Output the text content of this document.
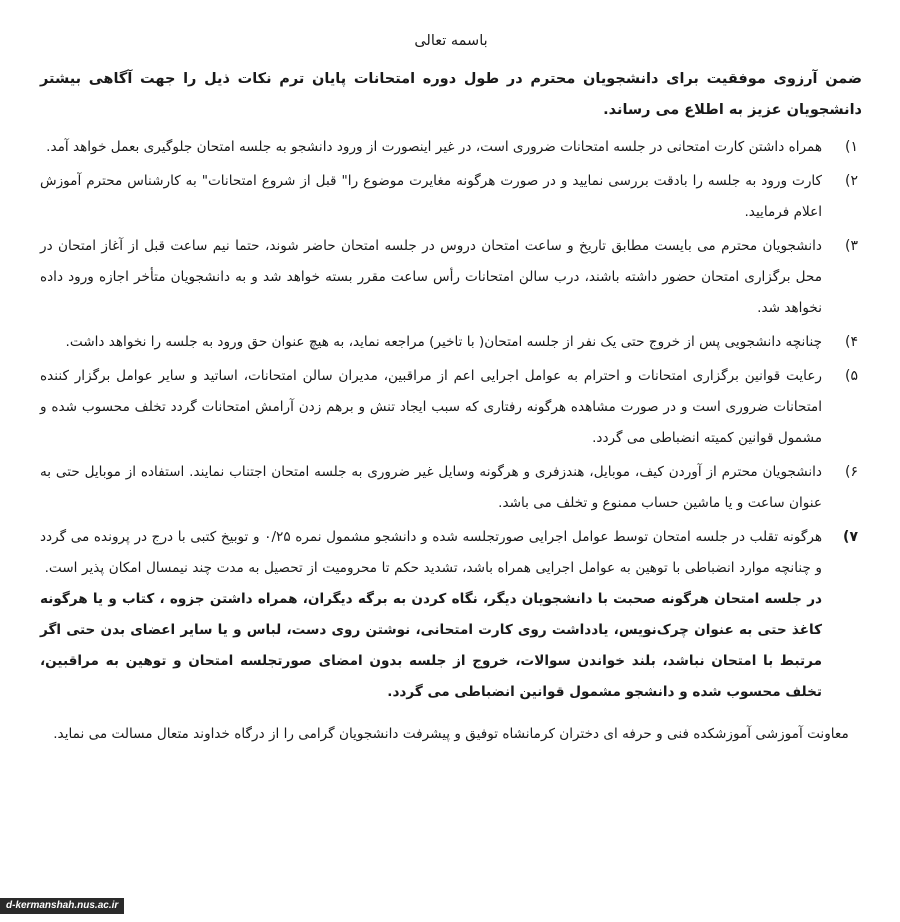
باسمه تعالی

ضمن آرزوی موفقیت برای دانشجویان محترم در طول دوره امتحانات پایان ترم نکات ذیل را جهت آگاهی بیشتر دانشجویان عزیز به اطلاع می رساند.

۱)
همراه داشتن کارت امتحانی در جلسه امتحانات ضروری است، در غیر اینصورت از ورود دانشجو به جلسه امتحان جلوگیری بعمل خواهد آمد.
۲)
کارت ورود به جلسه را بادقت بررسی نمایید و در صورت هرگونه مغایرت موضوع را" قبل از شروع امتحانات" به کارشناس محترم آموزش اعلام فرمایید.
۳)
دانشجویان محترم می بایست مطابق تاریخ و ساعت امتحان دروس در جلسه امتحان حاضر شوند، حتما نیم ساعت قبل از آغاز امتحان در محل برگزاری امتحان حضور داشته باشند، درب سالن امتحانات رأس ساعت مقرر بسته خواهد شد و به دانشجویان متأخر اجازه ورود داده نخواهد شد.
۴)
چنانچه دانشجویی پس از خروج حتی یک نفر از جلسه امتحان( با تاخیر) مراجعه نماید، به هیچ عنوان حق ورود به جلسه را نخواهد داشت.
۵)
رعایت قوانین برگزاری امتحانات و احترام به عوامل اجرایی اعم از مراقبین، مدیران سالن امتحانات، اساتید و سایر عوامل برگزار کننده امتحانات ضروری است و در صورت مشاهده هرگونه رفتاری که سبب ایجاد تنش و برهم زدن آرامش امتحانات گردد تخلف محسوب شده و مشمول قوانین کمیته انضباطی می گردد.
۶)
دانشجویان محترم از آوردن کیف، موبایل، هندزفری و هرگونه وسایل غیر ضروری به جلسه امتحان اجتناب نمایند. استفاده از موبایل حتی به عنوان ساعت و یا ماشین حساب ممنوع و تخلف می باشد.
۷)
هرگونه تقلب در جلسه امتحان توسط عوامل اجرایی صورتجلسه شده و دانشجو مشمول نمره ۰/۲۵ و توبیخ کتبی با درج در پرونده می گردد و چنانچه موارد انضباطی با توهین به عوامل اجرایی همراه باشد، تشدید حکم تا محرومیت از تحصیل به مدت چند نیمسال امکان پذیر است.  در جلسه امتحان هرگونه صحبت با دانشجویان دیگر، نگاه کردن به برگه دیگران، همراه داشتن جزوه ، کتاب و یا هرگونه کاغذ حتی به عنوان چرک‌نویس، یادداشت روی کارت امتحانی، نوشتن روی دست، لباس و یا سایر اعضای بدن حتی اگر مرتبط با امتحان نباشد، بلند خواندن سوالات، خروج از جلسه بدون امضای صورتجلسه امتحان و توهین به مراقبین، تخلف محسوب شده و دانشجو مشمول قوانین انضباطی می گردد.

معاونت آموزشی آموزشکده فنی و حرفه ای دختران کرمانشاه توفیق و پیشرفت دانشجویان گرامی را از درگاه خداوند متعال مسالت می نماید.

d-kermanshah.nus.ac.ir
